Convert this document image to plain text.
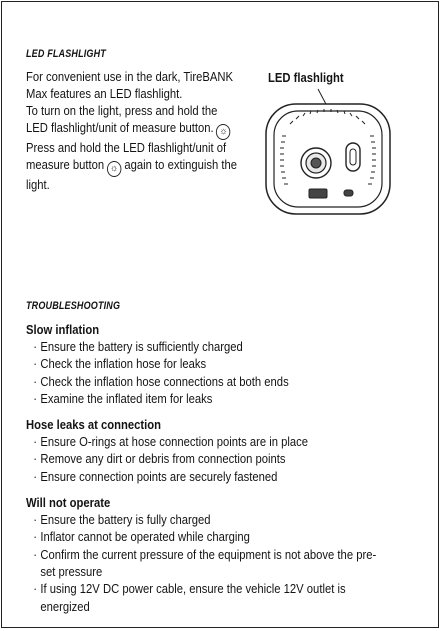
LED FLASHLIGHT

For convenient use in the dark, TireBANK Max features an LED flashlight.

To turn on the light, press and hold the LED flashlight/unit of measure button. ☼

Press and hold the LED flashlight/unit of measure button ☼ again to extinguish the light.

LED flashlight
TROUBLESHOOTING

Slow inflation

· Ensure the battery is sufficiently charged
· Check the inflation hose for leaks
· Check the inflation hose connections at both ends
· Examine the inflated item for leaks

Hose leaks at connection

· Ensure O-rings at hose connection points are in place
· Remove any dirt or debris from connection points
· Ensure connection points are securely fastened

Will not operate

· Ensure the battery is fully charged
· Inflator cannot be operated while charging
· Confirm the current pressure of the equipment is not above the pre-set pressure
· If using 12V DC power cable, ensure the vehicle 12V outlet is energized
